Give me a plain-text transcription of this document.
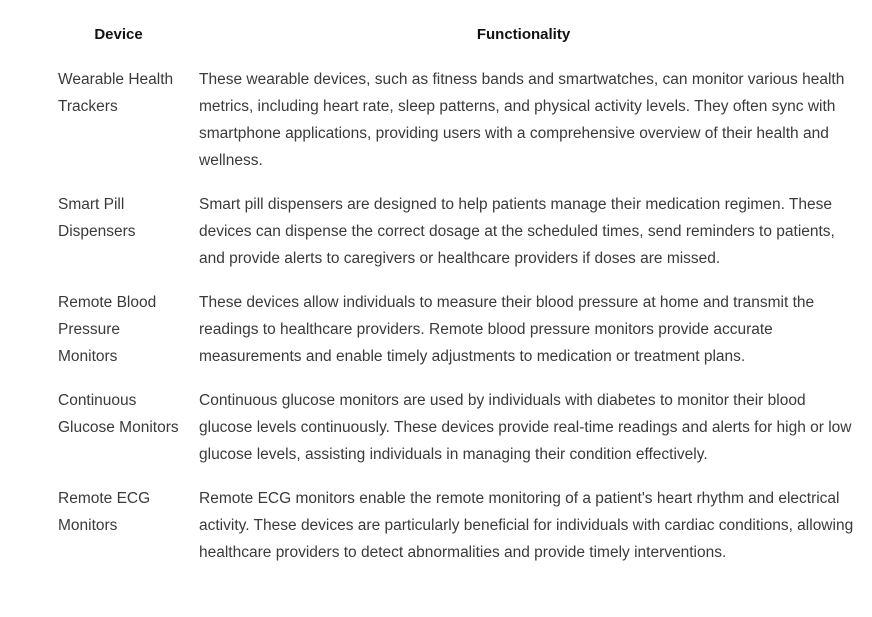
Device	Functionality
Wearable Health Trackers	These wearable devices, such as fitness bands and smartwatches, can monitor various health metrics, including heart rate, sleep patterns, and physical activity levels. They often sync with smartphone applications, providing users with a comprehensive overview of their health and wellness.
Smart Pill Dispensers	Smart pill dispensers are designed to help patients manage their medication regimen. These devices can dispense the correct dosage at the scheduled times, send reminders to patients, and provide alerts to caregivers or healthcare providers if doses are missed.
Remote Blood Pressure Monitors	These devices allow individuals to measure their blood pressure at home and transmit the readings to healthcare providers. Remote blood pressure monitors provide accurate measurements and enable timely adjustments to medication or treatment plans.
Continuous Glucose Monitors	Continuous glucose monitors are used by individuals with diabetes to monitor their blood glucose levels continuously. These devices provide real-time readings and alerts for high or low glucose levels, assisting individuals in managing their condition effectively.
Remote ECG Monitors	Remote ECG monitors enable the remote monitoring of a patient's heart rhythm and electrical activity. These devices are particularly beneficial for individuals with cardiac conditions, allowing healthcare providers to detect abnormalities and provide timely interventions.
